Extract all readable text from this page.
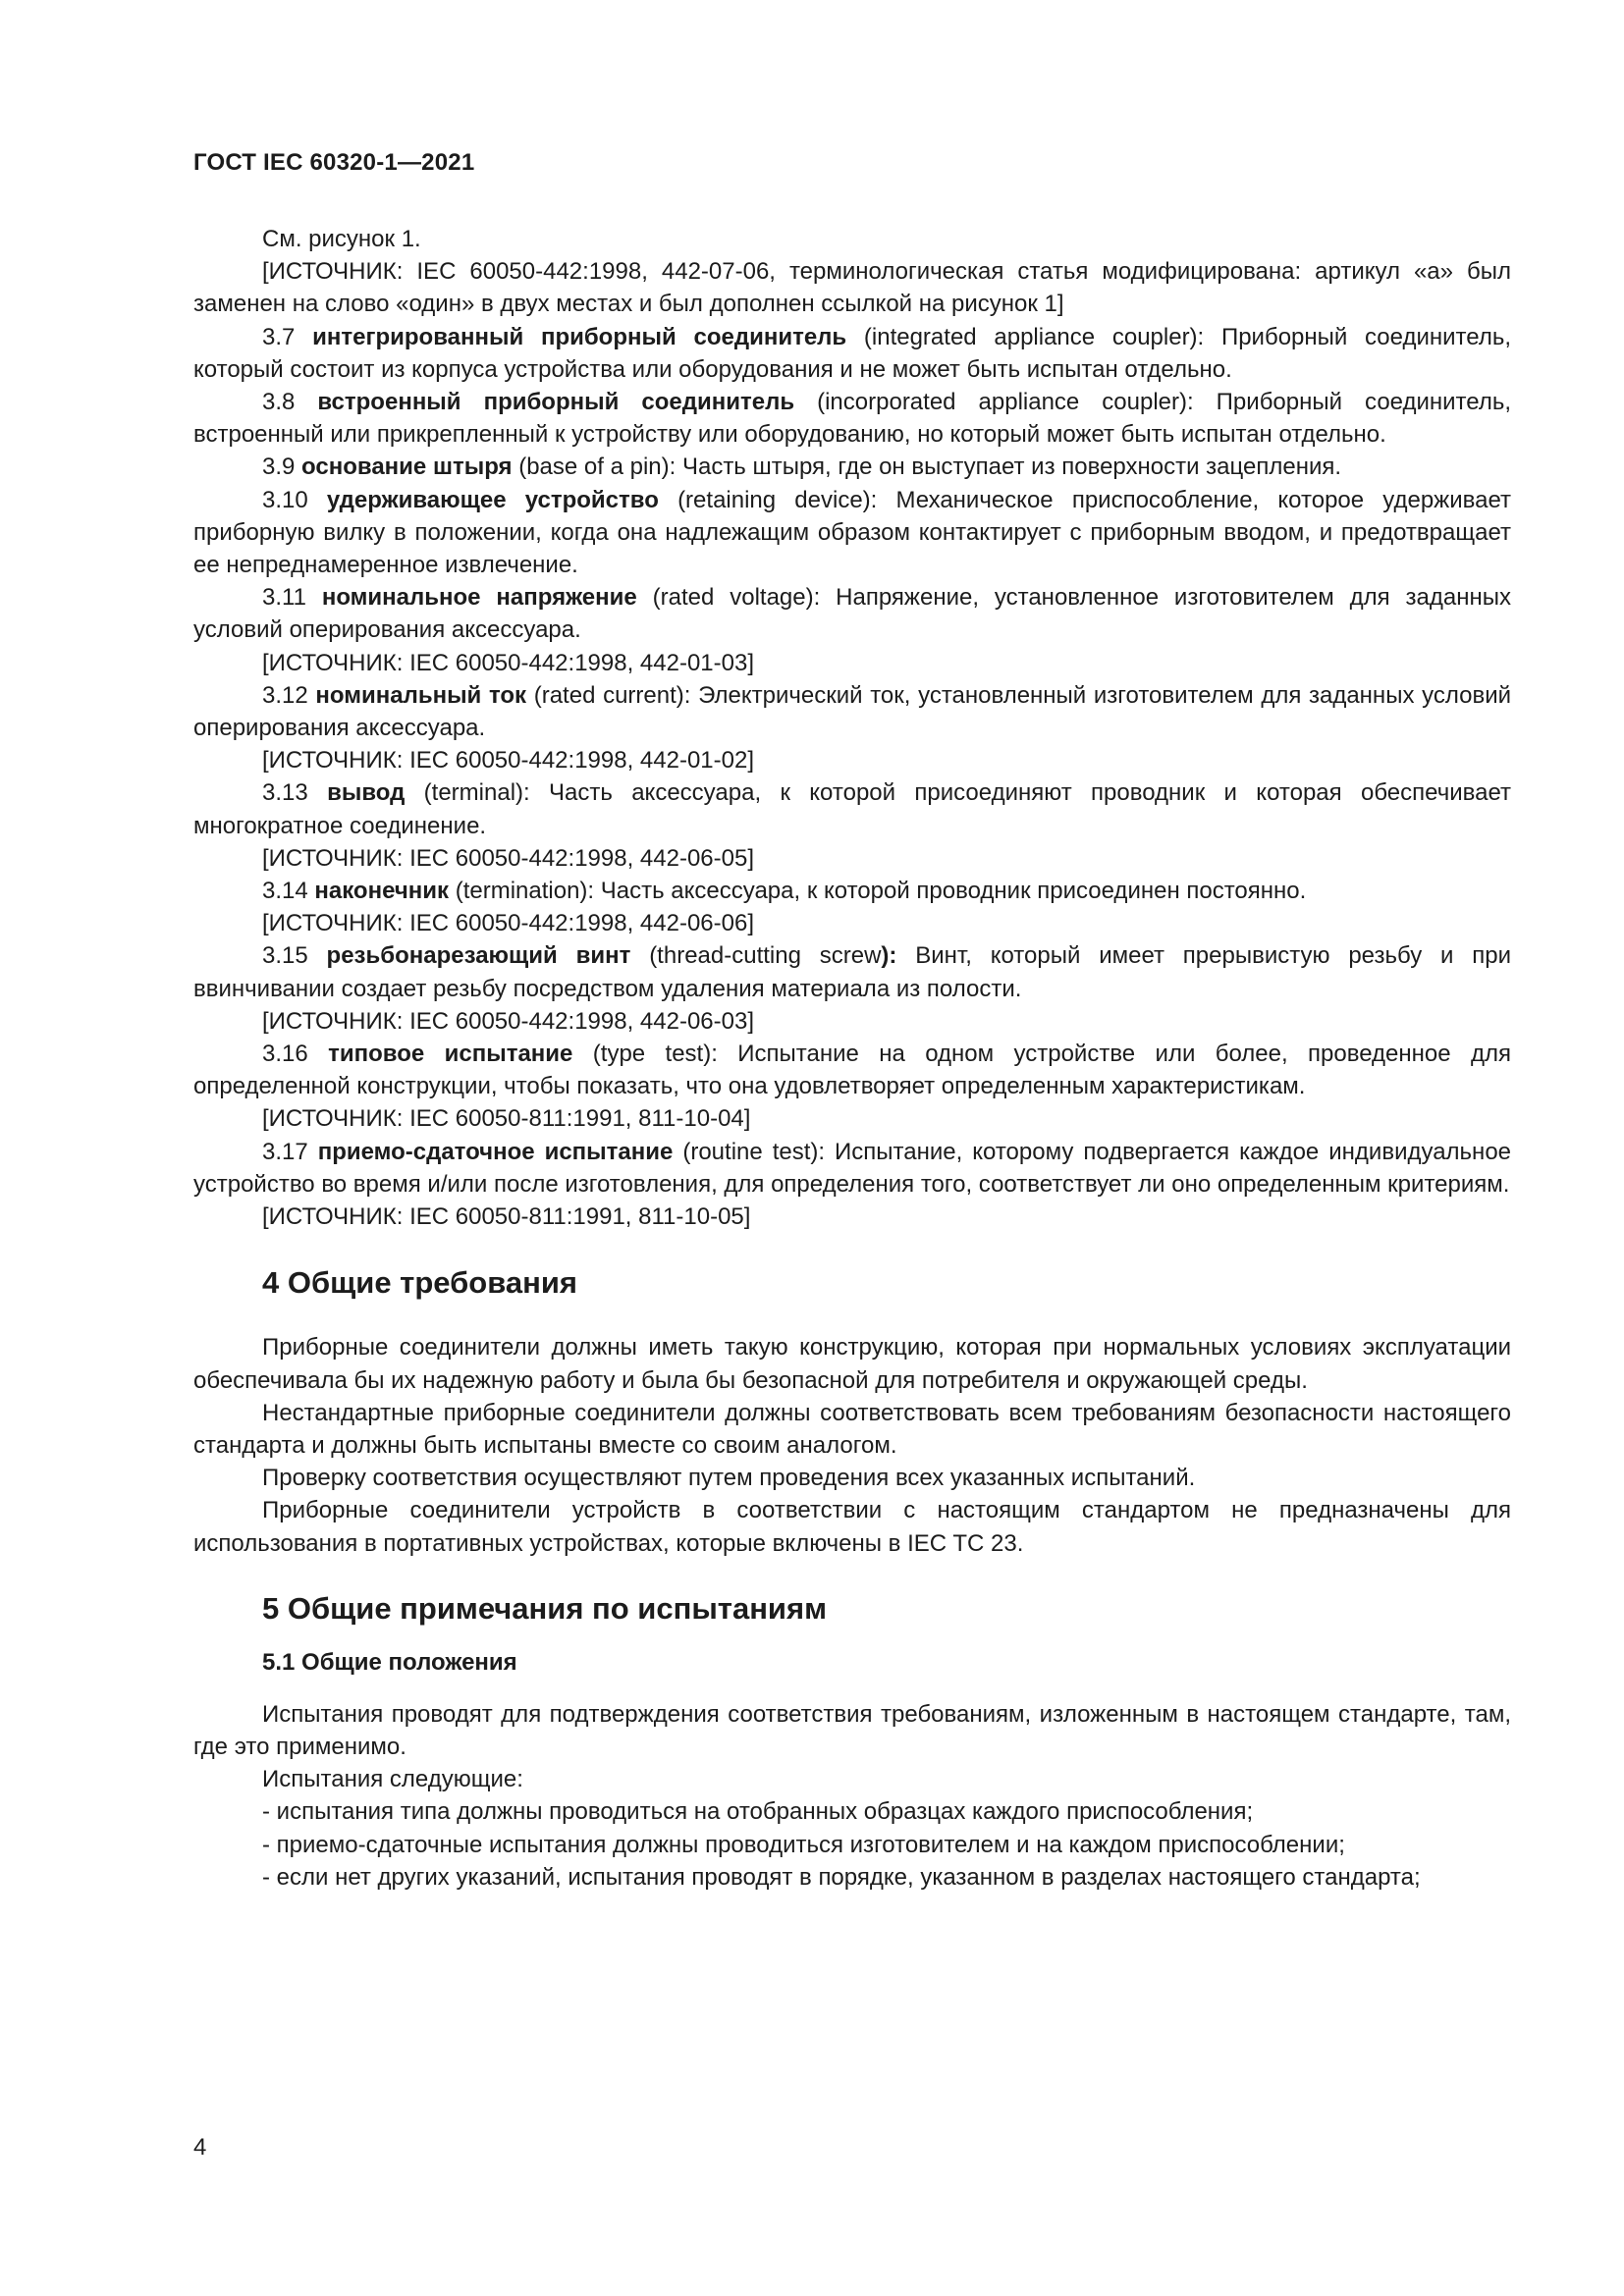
ГОСТ IEC 60320-1—2021

См. рисунок 1.

[ИСТОЧНИК: IEC 60050-442:1998, 442-07-06, терминологическая статья модифицирована: артикул «а» был заменен на слово «один» в двух местах и был дополнен ссылкой на рисунок 1]

3.7 интегрированный приборный соединитель (integrated appliance coupler): Приборный соединитель, который состоит из корпуса устройства или оборудования и не может быть испытан отдельно.

3.8 встроенный приборный соединитель (incorporated appliance coupler): Приборный соединитель, встроенный или прикрепленный к устройству или оборудованию, но который может быть испытан отдельно.

3.9 основание штыря (base of a pin): Часть штыря, где он выступает из поверхности зацепления.

3.10 удерживающее устройство (retaining device): Механическое приспособление, которое удерживает приборную вилку в положении, когда она надлежащим образом контактирует с приборным вводом, и предотвращает ее непреднамеренное извлечение.

3.11 номинальное напряжение (rated voltage): Напряжение, установленное изготовителем для заданных условий оперирования аксессуара.

[ИСТОЧНИК: IEC 60050-442:1998, 442-01-03]

3.12 номинальный ток (rated current): Электрический ток, установленный изготовителем для заданных условий оперирования аксессуара.

[ИСТОЧНИК: IEC 60050-442:1998, 442-01-02]

3.13 вывод (terminal): Часть аксессуара, к которой присоединяют проводник и которая обеспечивает многократное соединение.

[ИСТОЧНИК: IEC 60050-442:1998, 442-06-05]

3.14 наконечник (termination): Часть аксессуара, к которой проводник присоединен постоянно.

[ИСТОЧНИК: IEC 60050-442:1998, 442-06-06]

3.15 резьбонарезающий винт (thread-cutting screw): Винт, который имеет прерывистую резьбу и при ввинчивании создает резьбу посредством удаления материала из полости.

[ИСТОЧНИК: IEC 60050-442:1998, 442-06-03]

3.16 типовое испытание (type test): Испытание на одном устройстве или более, проведенное для определенной конструкции, чтобы показать, что она удовлетворяет определенным характеристикам.

[ИСТОЧНИК: IEC 60050-811:1991, 811-10-04]

3.17 приемо-сдаточное испытание (routine test): Испытание, которому подвергается каждое индивидуальное устройство во время и/или после изготовления, для определения того, соответствует ли оно определенным критериям.

[ИСТОЧНИК: IEC 60050-811:1991, 811-10-05]

4 Общие требования

Приборные соединители должны иметь такую конструкцию, которая при нормальных условиях эксплуатации обеспечивала бы их надежную работу и была бы безопасной для потребителя и окружающей среды.

Нестандартные приборные соединители должны соответствовать всем требованиям безопасности настоящего стандарта и должны быть испытаны вместе со своим аналогом.

Проверку соответствия осуществляют путем проведения всех указанных испытаний.

Приборные соединители устройств в соответствии с настоящим стандартом не предназначены для использования в портативных устройствах, которые включены в IEC TC 23.

5 Общие примечания по испытаниям
5.1 Общие положения

Испытания проводят для подтверждения соответствия требованиям, изложенным в настоящем стандарте, там, где это применимо.

Испытания следующие:

- испытания типа должны проводиться на отобранных образцах каждого приспособления;

- приемо-сдаточные испытания должны проводиться изготовителем и на каждом приспособлении;

- если нет других указаний, испытания проводят в порядке, указанном в разделах настоящего стандарта;

4
